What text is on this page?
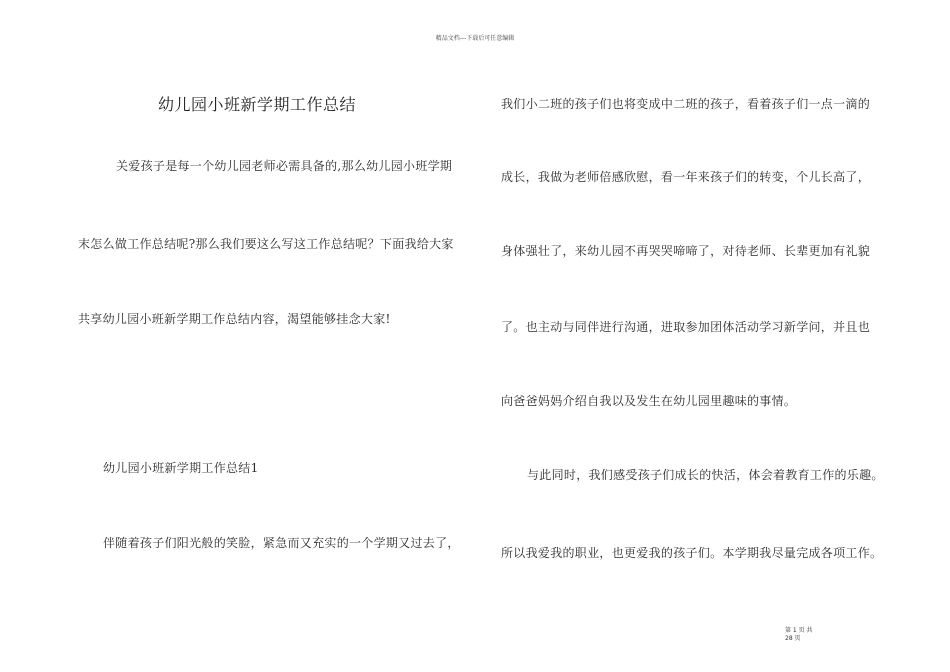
精品文档---下载后可任意编辑
幼儿园小班新学期工作总结
关爱孩子是每一个幼儿园老师必需具备的,那么幼儿园小班学期
末怎么做工作总结呢?那么我们要这么写这工作总结呢？下面我给大家
共享幼儿园小班新学期工作总结内容，渴望能够挂念大家!
幼儿园小班新学期工作总结1
伴随着孩子们阳光般的笑脸，紧急而又充实的一个学期又过去了，
我们小二班的孩子们也将变成中二班的孩子，看着孩子们一点一滴的
成长，我做为老师倍感欣慰，看一年来孩子们的转变，个儿长高了，
身体强壮了，来幼儿园不再哭哭啼啼了，对待老师、长辈更加有礼貌
了。也主动与同伴进行沟通，进取参加团体活动学习新学问，并且也
向爸爸妈妈介绍自我以及发生在幼儿园里趣味的事情。
与此同时，我们感受孩子们成长的快活，体会着教育工作的乐趣。
所以我爱我的职业，也更爱我的孩子们。本学期我尽量完成各项工作。
第 1 页 共 28 页
